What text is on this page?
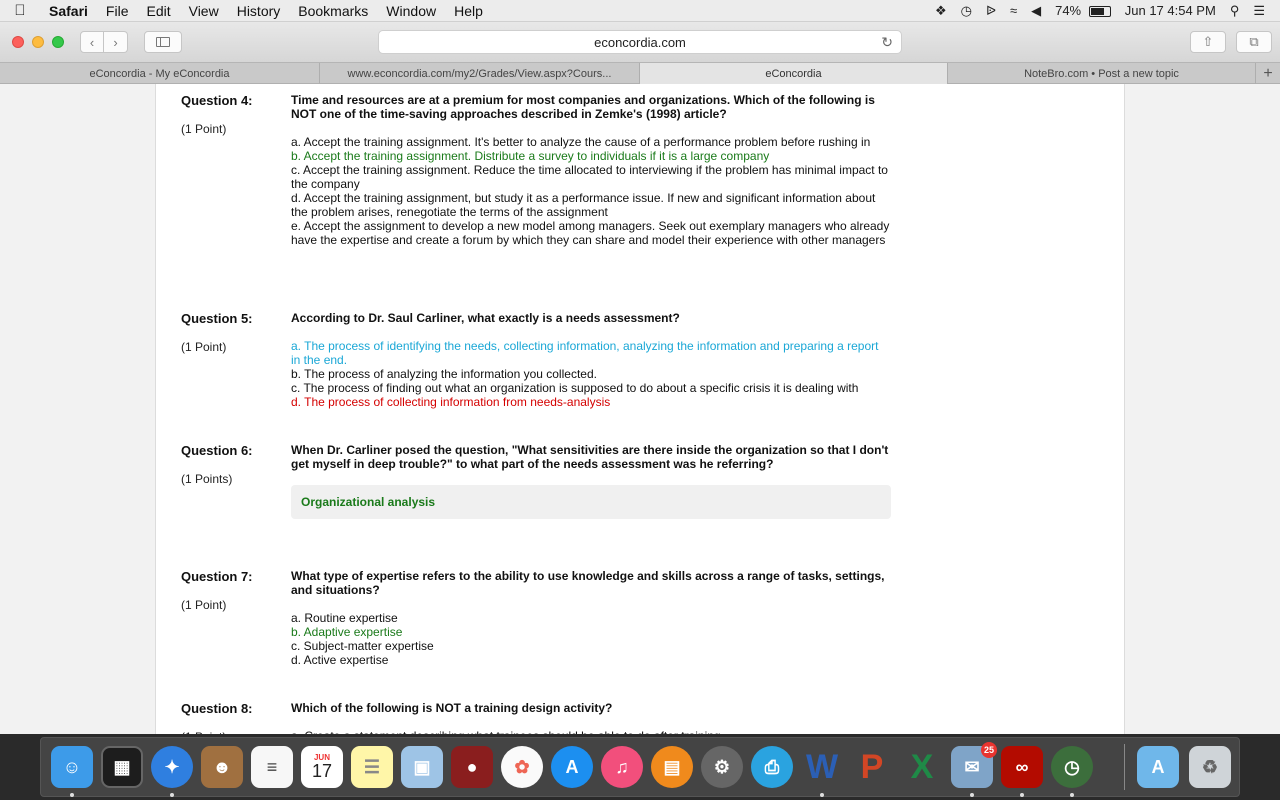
Safari	File	Edit	View	History	Bookmarks	Window	Help	❖	◷	ᐉ	≈	◀	74%	Jun 17 4:54 PM	⚲	☰
‹	›	econcordia.com	↻	⇧	⧉
eConcordia - My eConcordia	www.econcordia.com/my2/Grades/View.aspx?Cours...	eConcordia	NoteBro.com • Post a new topic	+
Question 4:
(1 Point)
Time and resources are at a premium for most companies and organizations. Which of the following is NOT one of the time-saving approaches described in Zemke's (1998) article?
a. Accept the training assignment. It's better to analyze the cause of a performance problem before rushing in
b. Accept the training assignment. Distribute a survey to individuals if it is a large company
c. Accept the training assignment. Reduce the time allocated to interviewing if the problem has minimal impact to the company
d. Accept the training assignment, but study it as a performance issue. If new and significant information about the problem arises, renegotiate the terms of the assignment
e. Accept the assignment to develop a new model among managers. Seek out exemplary managers who already have the expertise and create a forum by which they can share and model their experience with other managers
Question 5:
(1 Point)
According to Dr. Saul Carliner, what exactly is a needs assessment?
a. The process of identifying the needs, collecting information, analyzing the information and preparing a report in the end.
b. The process of analyzing the information you collected.
c. The process of finding out what an organization is supposed to do about a specific crisis it is dealing with
d. The process of collecting information from needs-analysis
Question 6:
(1 Points)
When Dr. Carliner posed the question, "What sensitivities are there inside the organization so that I don't get myself in deep trouble?" to what part of the needs assessment was he referring?
Organizational analysis
Question 7:
(1 Point)
What type of expertise refers to the ability to use knowledge and skills across a range of tasks, settings, and situations?
a. Routine expertise
b. Adaptive expertise
c. Subject-matter expertise
d. Active expertise
Question 8:	Which of the following is NOT a training design activity?
☺	▦	✦	☻	≡	JUN
17	☰	▣	●	✿	A	♫	▤	⚙	⎙ W P X	✉
25
∞	◷	A	♻
